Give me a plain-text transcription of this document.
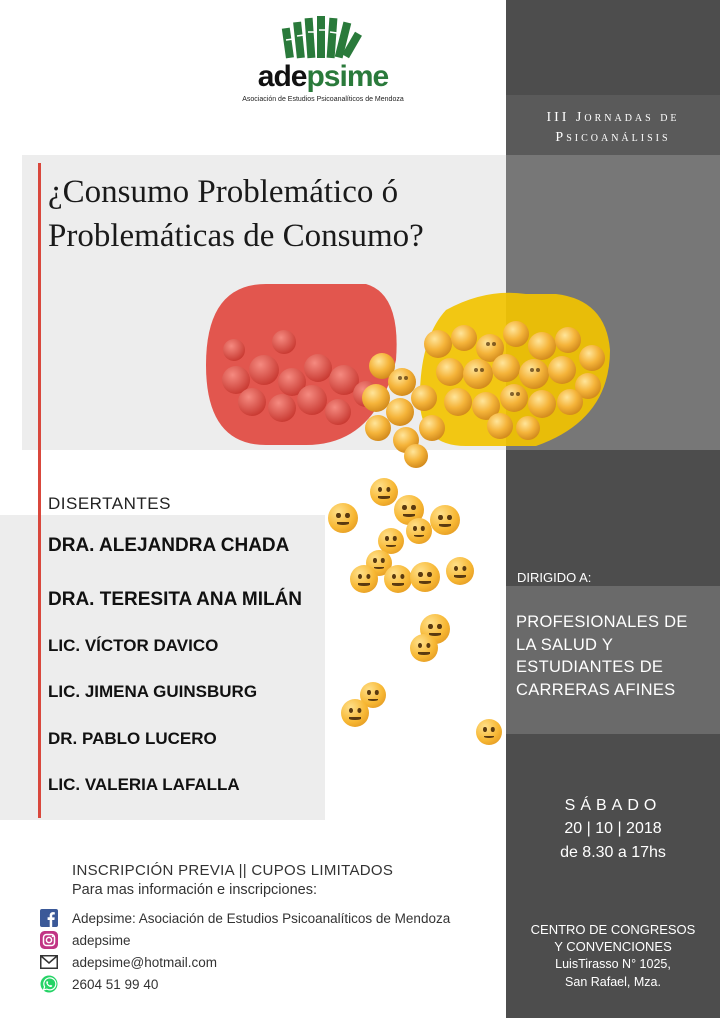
adepsime
Asociación de Estudios Psicoanalíticos de Mendoza
III Jornadas de
Psicoanálisis
¿Consumo Problemático ó
Problemáticas de Consumo?
DISERTANTES
DRA. ALEJANDRA CHADA
DRA. TERESITA ANA MILÁN
LIC. VÍCTOR DAVICO
LIC. JIMENA GUINSBURG
DR. PABLO LUCERO
LIC. VALERIA LAFALLA
DIRIGIDO A:
PROFESIONALES DE
LA SALUD Y
ESTUDIANTES DE
CARRERAS AFINES
SÁBADO
20 | 10 | 2018
de 8.30 a 17hs
CENTRO DE CONGRESOS
Y CONVENCIONES
LuisTirasso N° 1025,
San Rafael, Mza.
INSCRIPCIÓN PREVIA || CUPOS LIMITADOS
Para mas información e inscripciones:
Adepsime: Asociación de Estudios Psicoanalíticos de Mendoza
adepsime
adepsime@hotmail.com
2604 51 99 40
